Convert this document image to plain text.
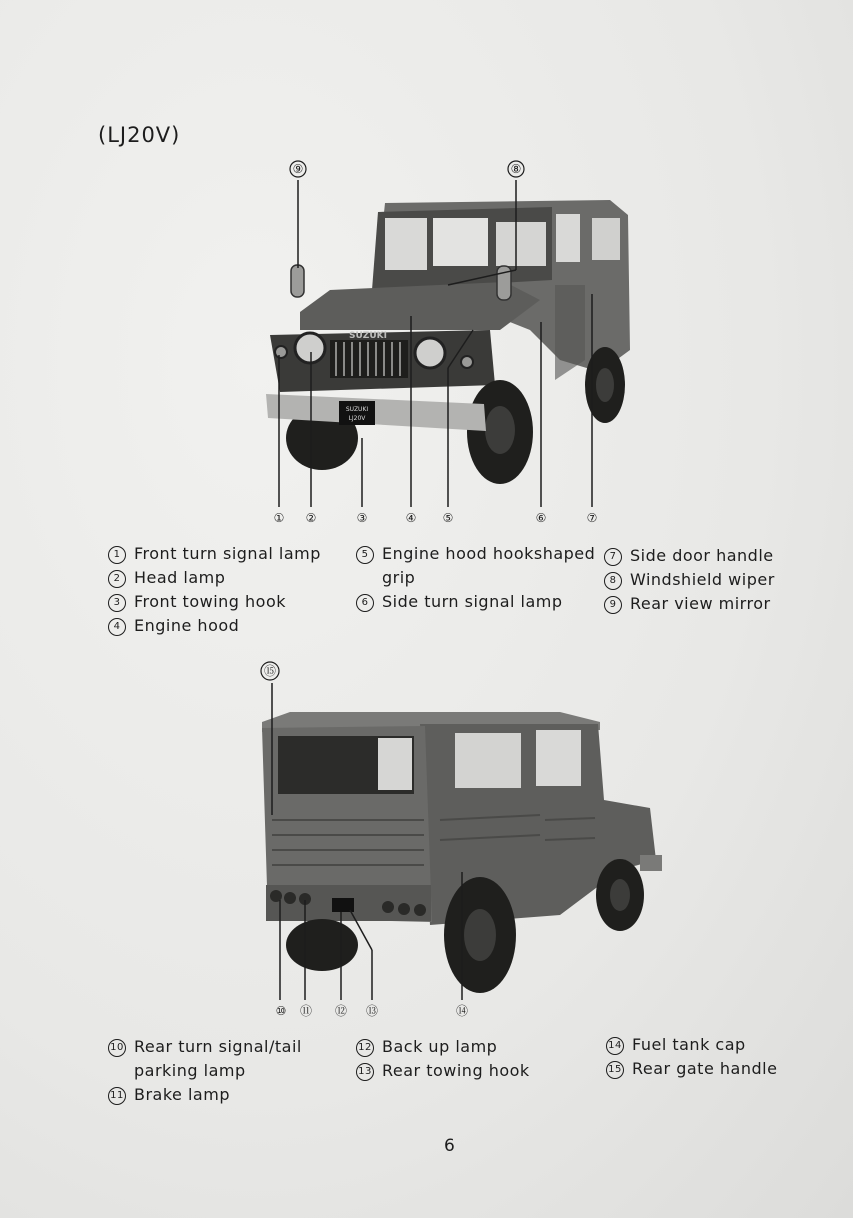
(LJ20V)
SUZUKI
SUZUKI
LJ20V
⑨	⑧
① ②	③	④ ⑤	⑥	⑦
⑮
⑩ ⑪ ⑫ ⑬	⑭
1 Front turn signal lamp
2 Head lamp
3 Front towing hook
4 Engine hood
5 Engine hood hookshaped
grip
6 Side turn signal lamp
7 Side door handle
8 Windshield wiper
9 Rear view mirror
10 Rear turn signal/tail
parking lamp
11 Brake lamp
12 Back up lamp
13 Rear towing hook
14 Fuel tank cap
15 Rear gate handle
6
